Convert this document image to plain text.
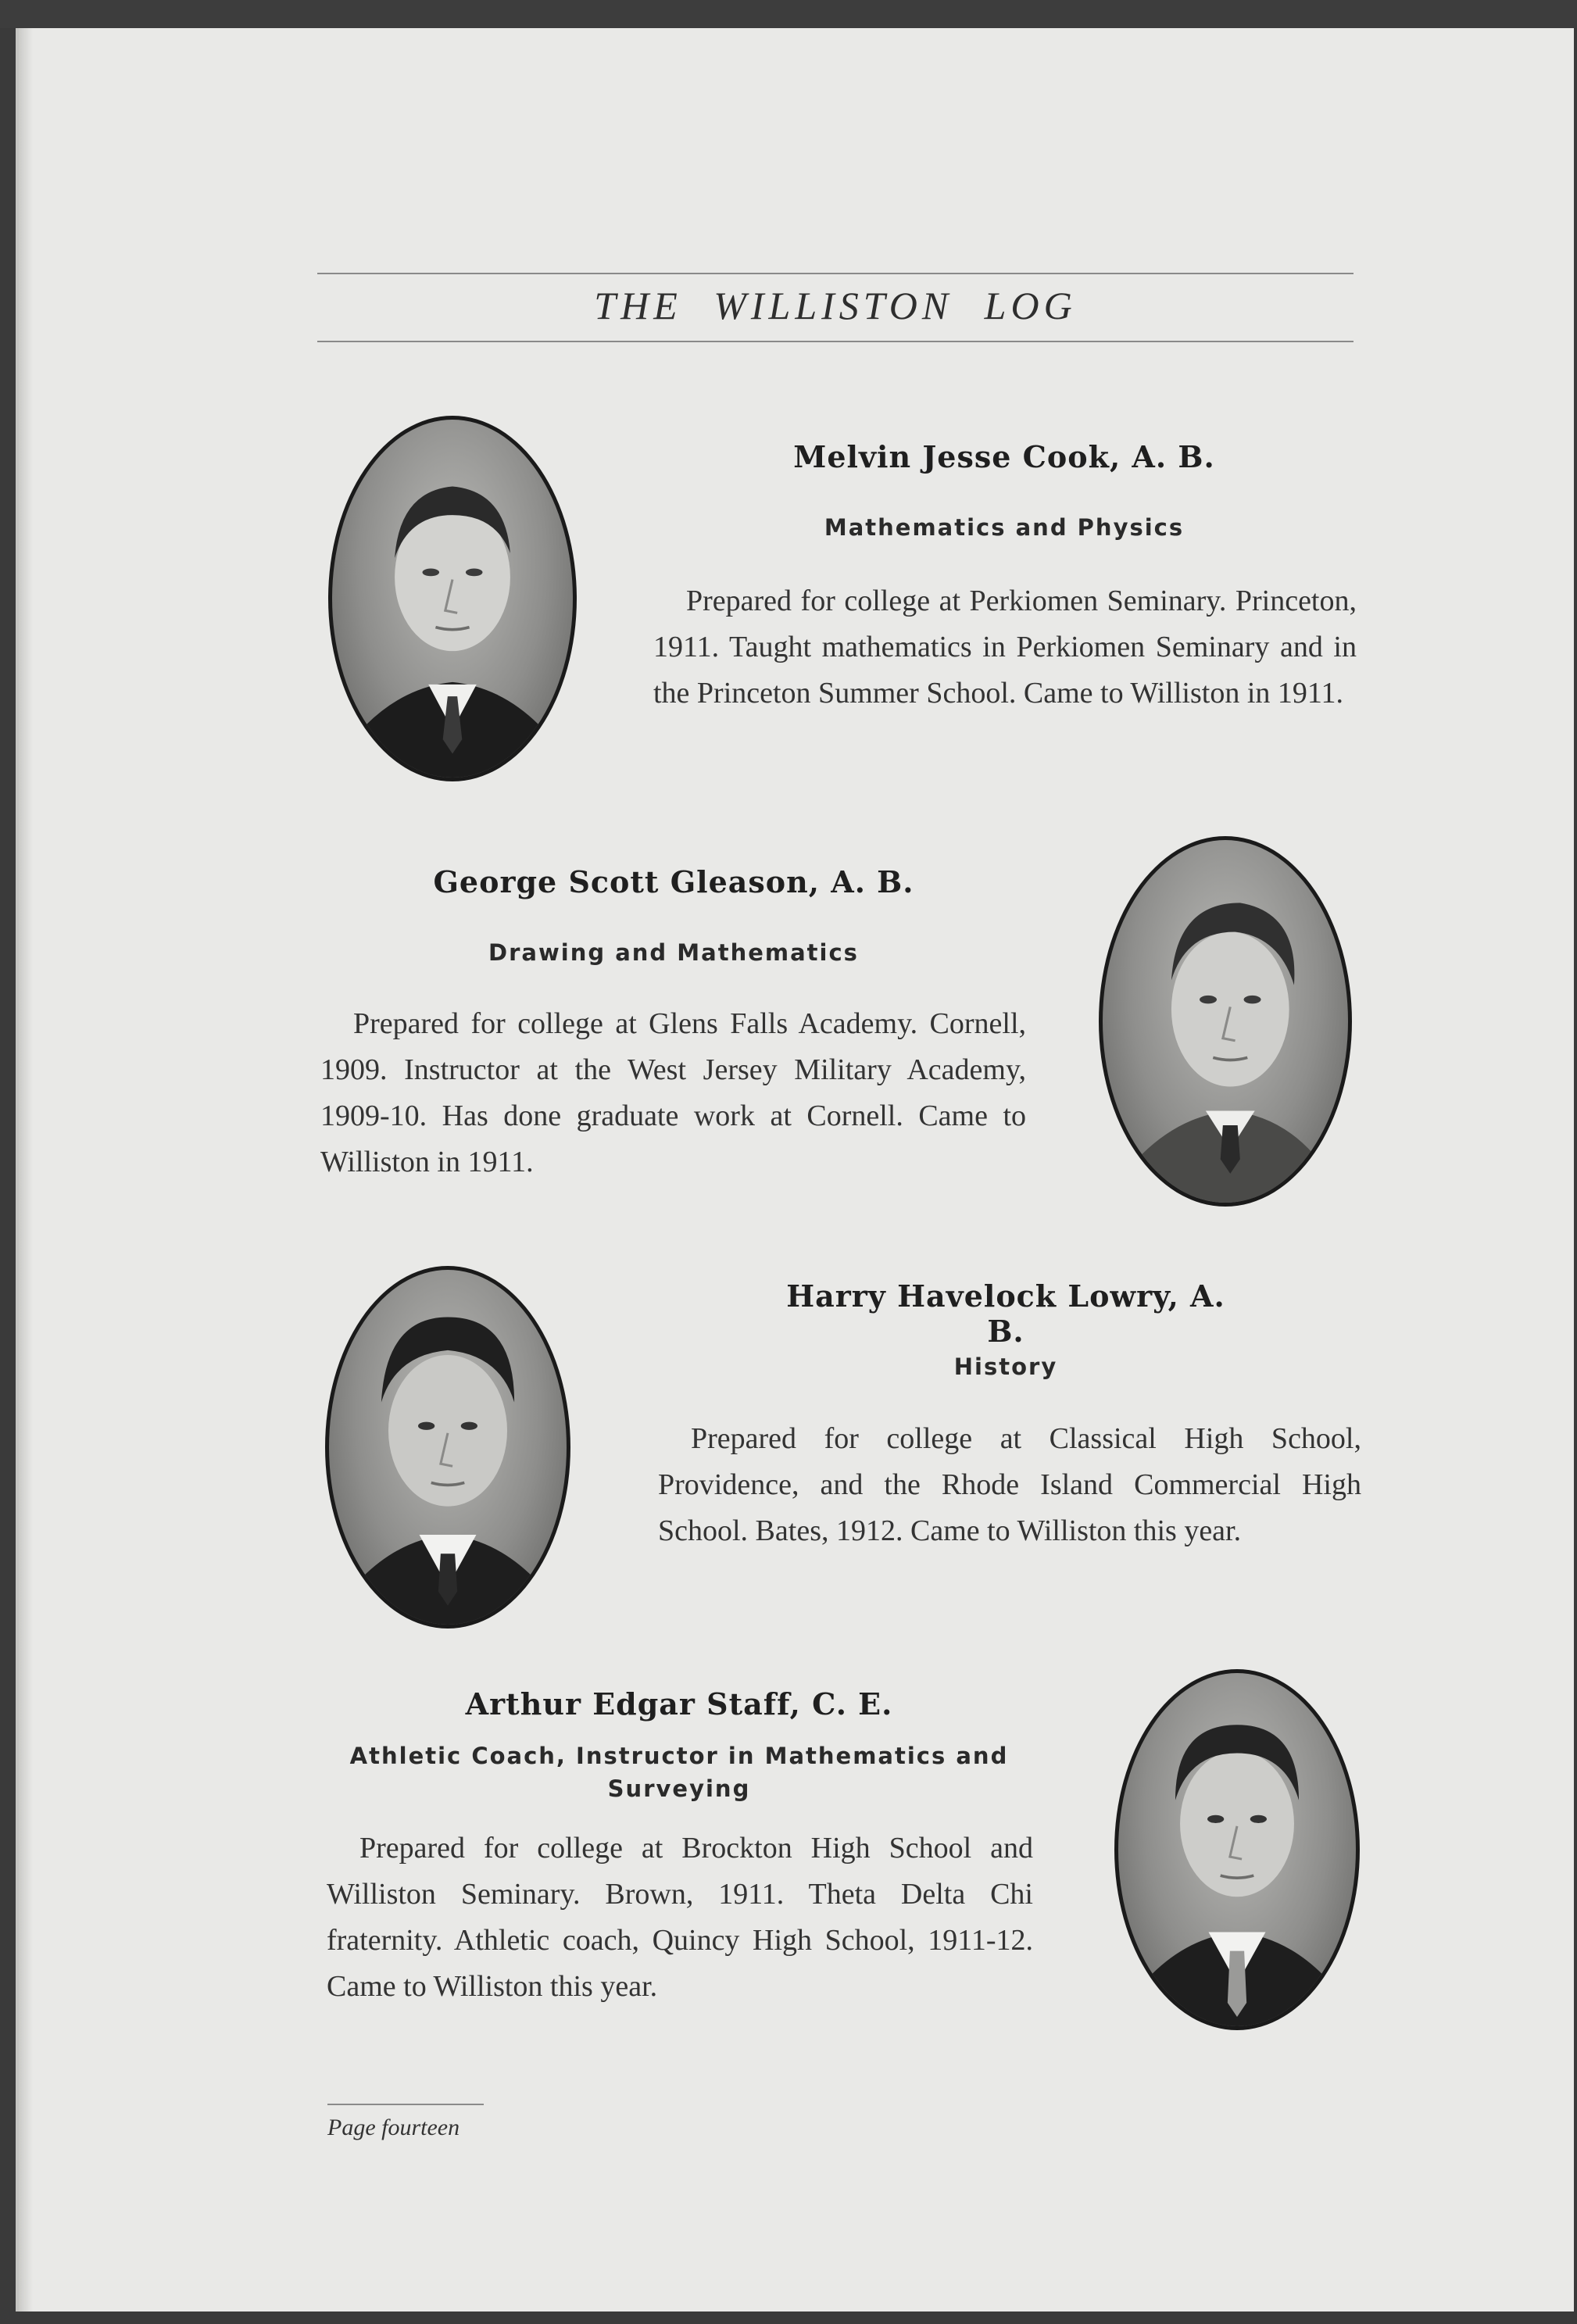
THE WILLISTON LOG
Melvin Jesse Cook, A. B.
Mathematics and Physics

Prepared for college at Perkiomen Seminary. Princeton, 1911. Taught mathematics in Perkiomen Seminary and in the Princeton Summer School. Came to Williston in 1911.

George Scott Gleason, A. B.
Drawing and Mathematics

Prepared for college at Glens Falls Academy. Cornell, 1909. Instructor at the West Jersey Military Academy, 1909-10. Has done graduate work at Cornell. Came to Williston in 1911.

Harry Havelock Lowry, A. B.
History

Prepared for college at Classical High School, Providence, and the Rhode Island Commercial High School. Bates, 1912. Came to Williston this year.

Arthur Edgar Staff, C. E.
Athletic Coach, Instructor in Mathematics and Surveying

Prepared for college at Brockton High School and Williston Seminary. Brown, 1911. Theta Delta Chi fraternity. Athletic coach, Quincy High School, 1911-12. Came to Williston this year.

Page fourteen
